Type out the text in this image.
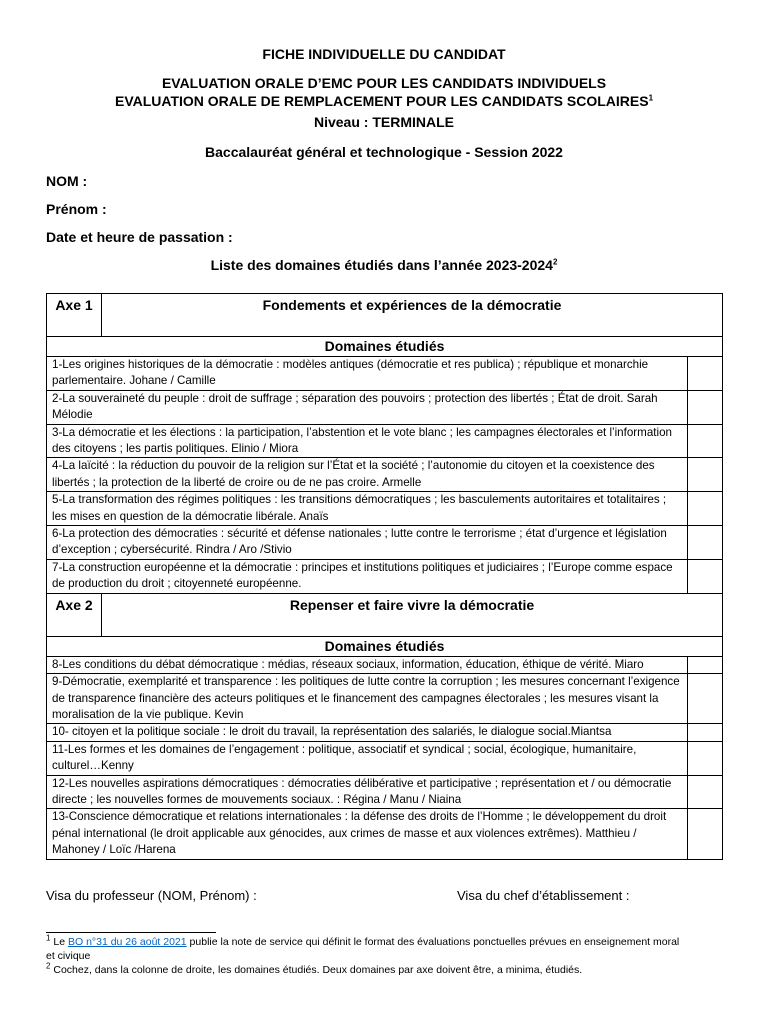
FICHE INDIVIDUELLE DU CANDIDAT
EVALUATION ORALE D’EMC POUR LES CANDIDATS INDIVIDUELS
EVALUATION ORALE DE REMPLACEMENT POUR LES CANDIDATS SCOLAIRES$^1$
Niveau : TERMINALE
Baccalauréat général et technologique - Session 2022
NOM :
Prénom :
Date et heure de passation :
Liste des domaines étudiés dans l’année 2023-2024$^2$
Axe 1	Fondements et expériences de la démocratie	
Domaines étudiés		
1-Les origines historiques de la démocratie : modèles antiques (démocratie et res publica) ; république et monarchie parlementaire. Johane / Camille		
2-La souveraineté du peuple : droit de suffrage ; séparation des pouvoirs ; protection des libertés ; État de droit. Sarah Mélodie		
3-La démocratie et les élections : la participation, l’abstention et le vote blanc ; les campagnes électorales et l’information des citoyens ; les partis politiques. Elinio / Miora		
4-La laïcité : la réduction du pouvoir de la religion sur l’État et la société ; l’autonomie du citoyen et la coexistence des libertés ; la protection de la liberté de croire ou de ne pas croire. Armelle		
5-La transformation des régimes politiques : les transitions démocratiques ; les basculements autoritaires et totalitaires ; les mises en question de la démocratie libérale. Anaïs		
6-La protection des démocraties : sécurité et défense nationales ; lutte contre le terrorisme ; état d’urgence et législation d’exception ; cybersécurité. Rindra / Aro /Stivio		
7-La construction européenne et la démocratie : principes et institutions politiques et judiciaires ; l’Europe comme espace de production du droit ; citoyenneté européenne.		
Axe 2	Repenser et faire vivre la démocratie	
Domaines étudiés		
8-Les conditions du débat démocratique : médias, réseaux sociaux, information, éducation, éthique de vérité. Miaro		
9-Démocratie, exemplarité et transparence : les politiques de lutte contre la corruption ; les mesures concernant l’exigence de transparence financière des acteurs politiques et le financement des campagnes électorales ; les mesures visant la moralisation de la vie publique. Kevin		
10- citoyen et la politique sociale : le droit du travail, la représentation des salariés, le dialogue social.Miantsa		
11-Les formes et les domaines de l’engagement : politique, associatif et syndical ; social, écologique, humanitaire, culturel…Kenny		
12-Les nouvelles aspirations démocratiques : démocraties délibérative et participative ; représentation et / ou démocratie directe ; les nouvelles formes de mouvements sociaux. : Régina / Manu / Niaina		
13-Conscience démocratique et relations internationales : la défense des droits de l’Homme ; le développement du droit pénal international (le droit applicable aux génocides, aux crimes de masse et aux violences extrêmes). Matthieu / Mahoney / Loïc /Harena		
Visa du professeur (NOM, Prénom) :	Visa du chef d’établissement :
$^1$ Le BO n°31 du 26 août 2021 publie la note de service qui définit le format des évaluations ponctuelles prévues en enseignement moral et civique
$^2$ Cochez, dans la colonne de droite, les domaines étudiés. Deux domaines par axe doivent être, a minima, étudiés.
